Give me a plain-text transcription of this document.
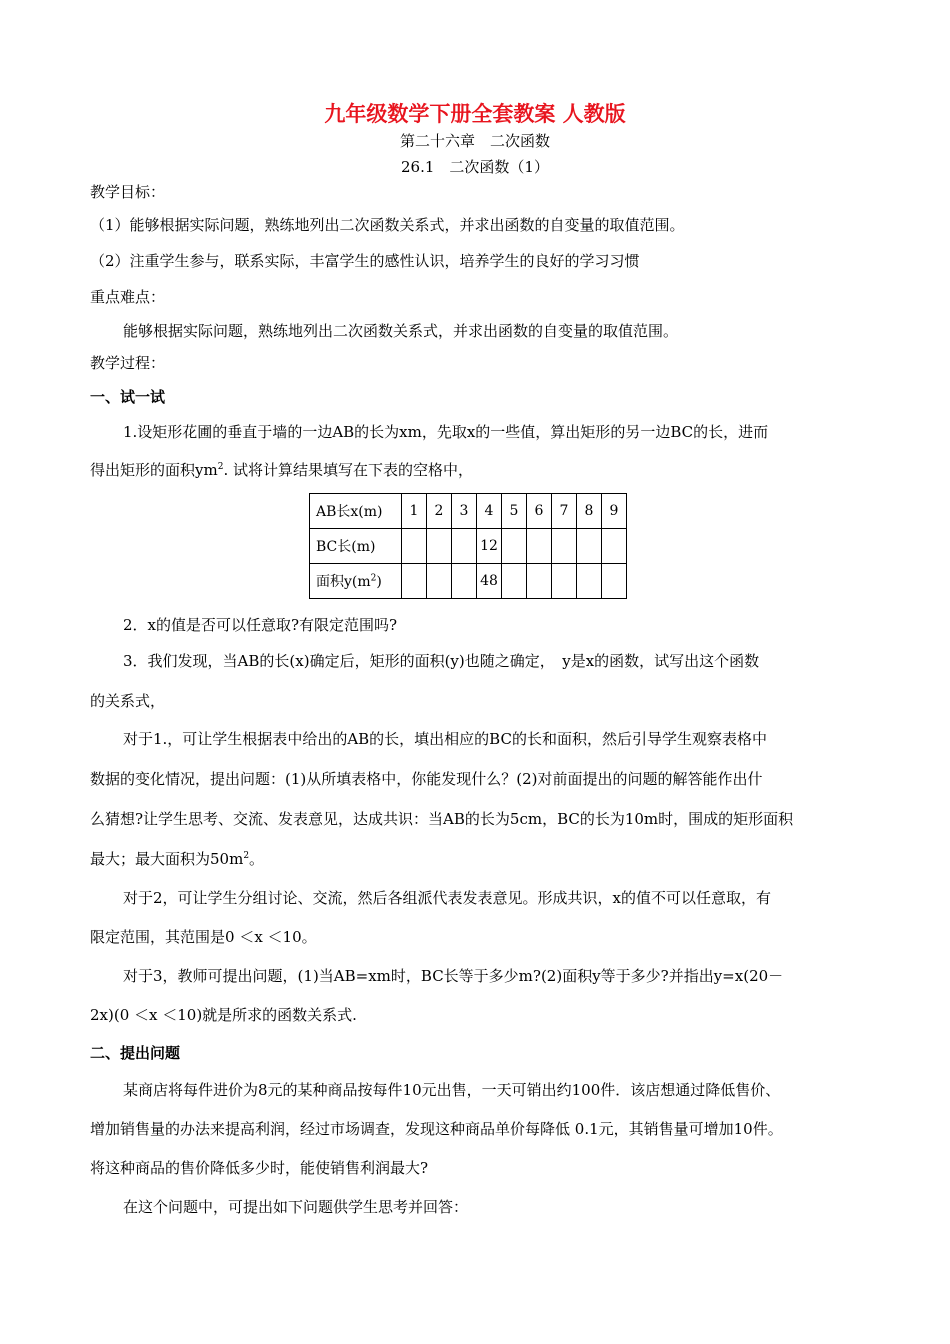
九年级数学下册全套教案 人教版
第二十六章　二次函数
26.1　二次函数（1）
教学目标：
（1）能够根据实际问题，熟练地列出二次函数关系式，并求出函数的自变量的取值范围。
（2）注重学生参与，联系实际，丰富学生的感性认识，培养学生的良好的学习习惯
重点难点：
能够根据实际问题，熟练地列出二次函数关系式，并求出函数的自变量的取值范围。
教学过程：
一、试一试
1.设矩形花圃的垂直于墙的一边AB的长为xm，先取x的一些值，算出矩形的另一边BC的长，进而
得出矩形的面积$ym^2$. 试将计算结果填写在下表的空格中，
AB长x(m)	1	2	3	4	5	6	7	8	9
BC长(m)				12					
面积$y(m^2)$				48					
2．x的值是否可以任意取?有限定范围吗?
3．我们发现，当AB的长(x)确定后，矩形的面积(y)也随之确定，　y是x的函数，试写出这个函数
的关系式，
对于1.，可让学生根据表中给出的AB的长，填出相应的BC的长和面积，然后引导学生观察表格中
数据的变化情况，提出问题：(1)从所填表格中，你能发现什么？(2)对前面提出的问题的解答能作出什
么猜想?让学生思考、交流、发表意见，达成共识：当AB的长为5cm，BC的长为10m时，围成的矩形面积
最大；最大面积为$50m^2$。
对于2，可让学生分组讨论、交流，然后各组派代表发表意见。形成共识，x的值不可以任意取，有
限定范围，其范围是0 ＜x ＜10。
对于3，教师可提出问题，(1)当AB=xm时，BC长等于多少m?(2)面积y等于多少?并指出y=x(20－
2x)(0 ＜x ＜10)就是所求的函数关系式.
二、提出问题
某商店将每件进价为8元的某种商品按每件10元出售，一天可销出约100件．该店想通过降低售价、
增加销售量的办法来提高利润，经过市场调查，发现这种商品单价每降低 0.1元，其销售量可增加10件。
将这种商品的售价降低多少时，能使销售利润最大?
在这个问题中，可提出如下问题供学生思考并回答：
